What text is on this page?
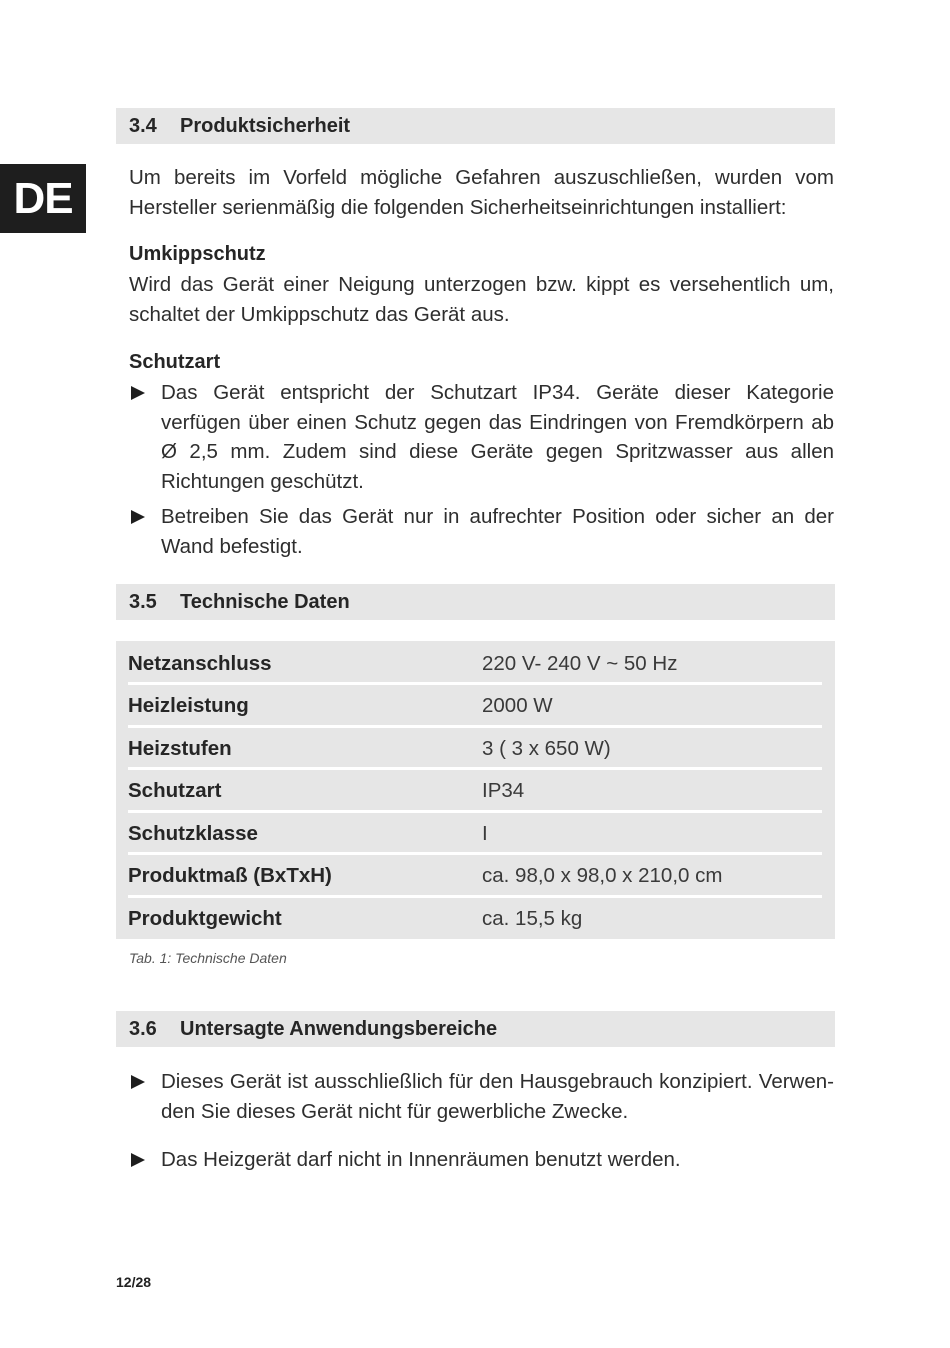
DE
3.4	Produktsicherheit
Um bereits im Vorfeld mögliche Gefahren auszuschließen, wurden vom Hersteller serienmäßig die folgenden Sicherheitseinrichtungen installiert:
Umkippschutz
Wird das Gerät einer Neigung unterzogen bzw. kippt es versehentlich um, schaltet der Umkippschutz das Gerät aus.
Schutzart
Das Gerät entspricht der Schutzart IP34. Geräte dieser Kategorie verfügen über einen Schutz gegen das Eindringen von Fremdkörpern ab Ø 2,5 mm. Zudem sind diese Geräte gegen Spritzwasser aus allen Richtungen geschützt.
Betreiben Sie das Gerät nur in aufrechter Position oder sicher an der Wand befestigt.
3.5	Technische Daten
Netzanschluss	220 V- 240 V ~ 50 Hz
Heizleistung	2000 W
Heizstufen	3 ( 3 x 650 W)
Schutzart	IP34
Schutzklasse	I
Produktmaß (BxTxH)	ca. 98,0 x 98,0 x 210,0 cm
Produktgewicht	ca. 15,5 kg
Tab. 1: Technische Daten
3.6	Untersagte Anwendungsbereiche
Dieses Gerät ist ausschließlich für den Hausgebrauch konzipiert. Verwenden Sie dieses Gerät nicht für gewerbliche Zwecke.
Das Heizgerät darf nicht in Innenräumen benutzt werden.
12/28
